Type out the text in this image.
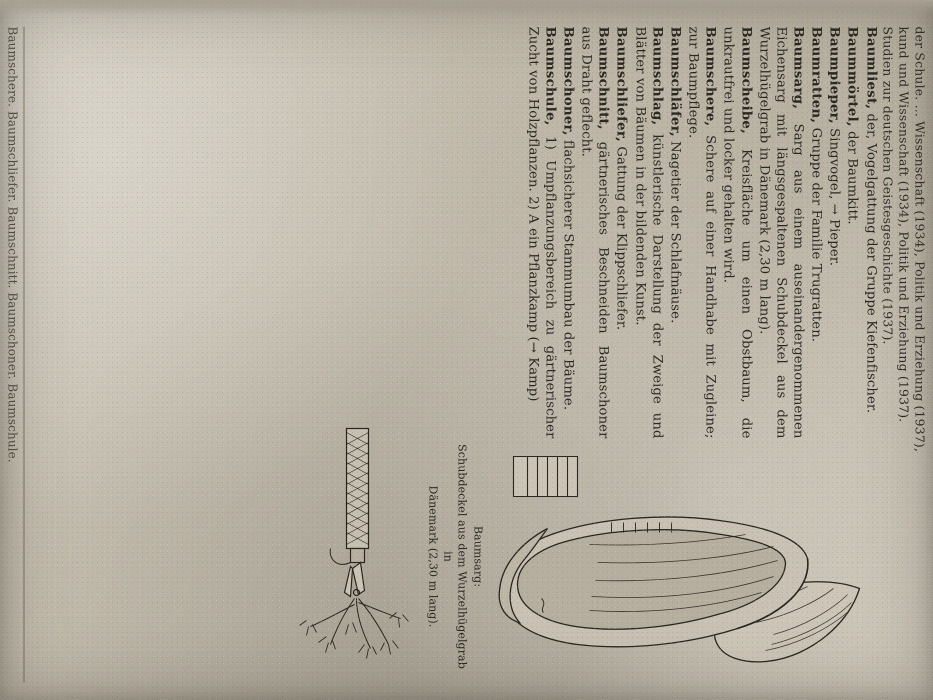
der Schule. ... Wissenschaft (1934), Politik und Erziehung (1937),
kund und Wissenschaft (1934), Politik und Erziehung (1937).
Studien zur deutschen Geistesgeschichte (1937).
Baumsarg:
Schubdeckel aus dem Wurzelhügelgrab in
Dänemark (2,30 m lang).

Baumliest, der, Vogelgattung der Gruppe Kiefenfischer.

Baummörtel, der Baumkitt.

Baumpieper, Singvogel, → Pieper.

Baumratten, Gruppe der Familie Trugratten.

Baumsarg, Sarg aus einem auseinandergenommenen Eichensarg mit längsgespaltenen Schubdeckel aus dem Wurzelhügelgrab in Dänemark (2,30 m lang).

Baumscheibe, Kreisfläche um einen Obstbaum, die unkrautfrei und locker gehalten wird.

Baumschere, Schere auf einer Handhabe mit Zugleine; zur Baumpflege.

Baumschläfer, Nagetier der Schlafmäuse.

Baumschlag, künstlerische Darstellung der Zweige und Blätter von Bäumen in der bildenden Kunst.

Baumschliefer, Gattung der Klippschliefer.

Baumschnitt, gärtnerisches Beschneiden Baumschoner aus Draht geflecht.

Baumschoner, flachsicherer Stammumbau der Bäume.

Baumschule, 1) Umpflanzungsbereich zu gärtnerischer Zucht von Holzpflanzen. 2) A ein Pflanzkamp (→ Kamp)

Baumschere. Baumschliefer. Baumschnitt. Baumschoner. Baumschule.
